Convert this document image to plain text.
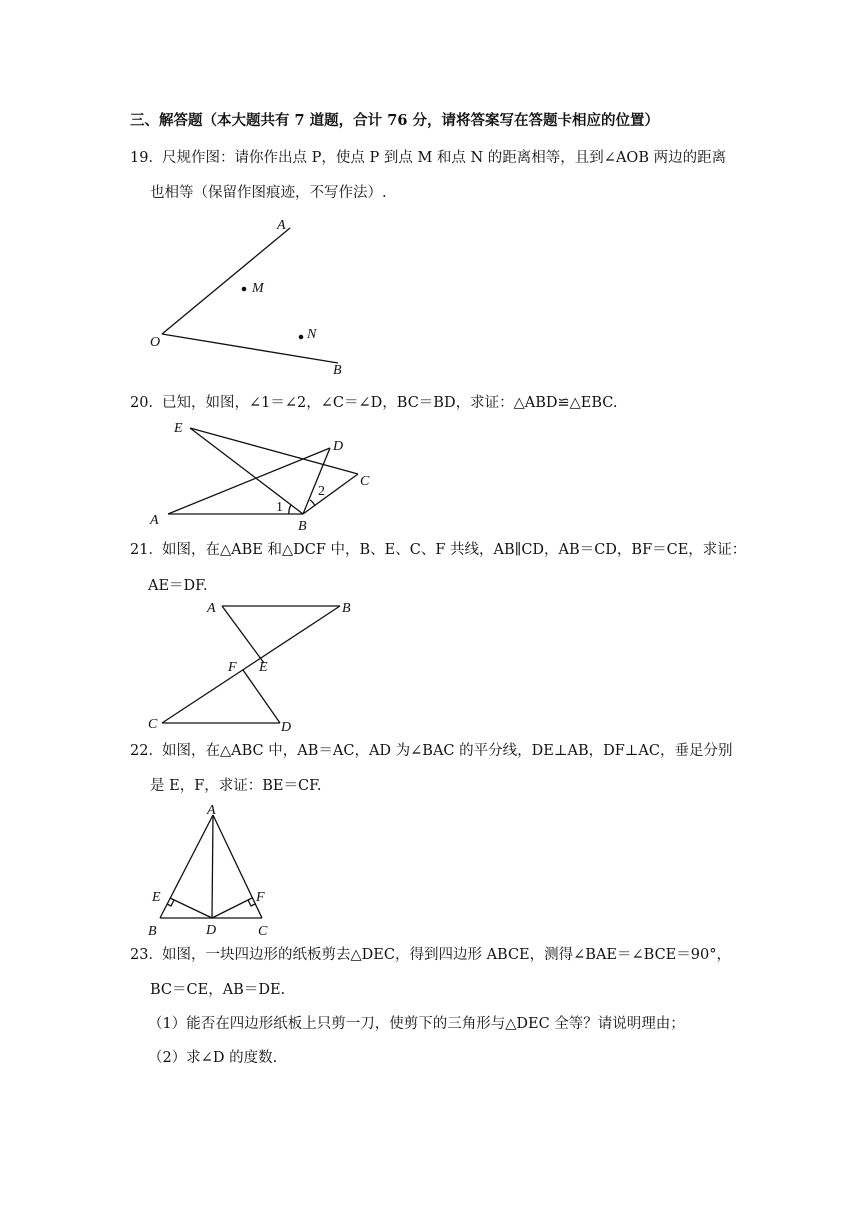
三、解答题（本大题共有 7 道题，合计 76 分，请将答案写在答题卡相应的位置）
19． 尺规作图：请你作出点 P，使点 P 到点 M 和点 N 的距离相等，且到∠AOB 两边的距离
也相等（保留作图痕迹，不写作法）.
A
M
O
N
B
20． 已知，如图，∠1＝∠2，∠C＝∠D，BC＝BD，求证：△ABD≌△EBC.
E
D
C
A
1
2
B
21． 如图，在△ABE 和△DCF 中，B、E、C、F 共线，AB∥CD，AB＝CD，BF＝CE，求证：
AE＝DF.
A	B
F E
C	D
22． 如图，在△ABC 中，AB＝AC，AD 为∠BAC 的平分线，DE⊥AB，DF⊥AC，垂足分别
是 E，F，求证：BE＝CF.
A
E	F
B	D	C
23． 如图，一块四边形的纸板剪去△DEC，得到四边形 ABCE，测得∠BAE＝∠BCE＝90°，
BC＝CE，AB＝DE.
（1）能否在四边形纸板上只剪一刀，使剪下的三角形与△DEC 全等？请说明理由；
（2）求∠D 的度数.
